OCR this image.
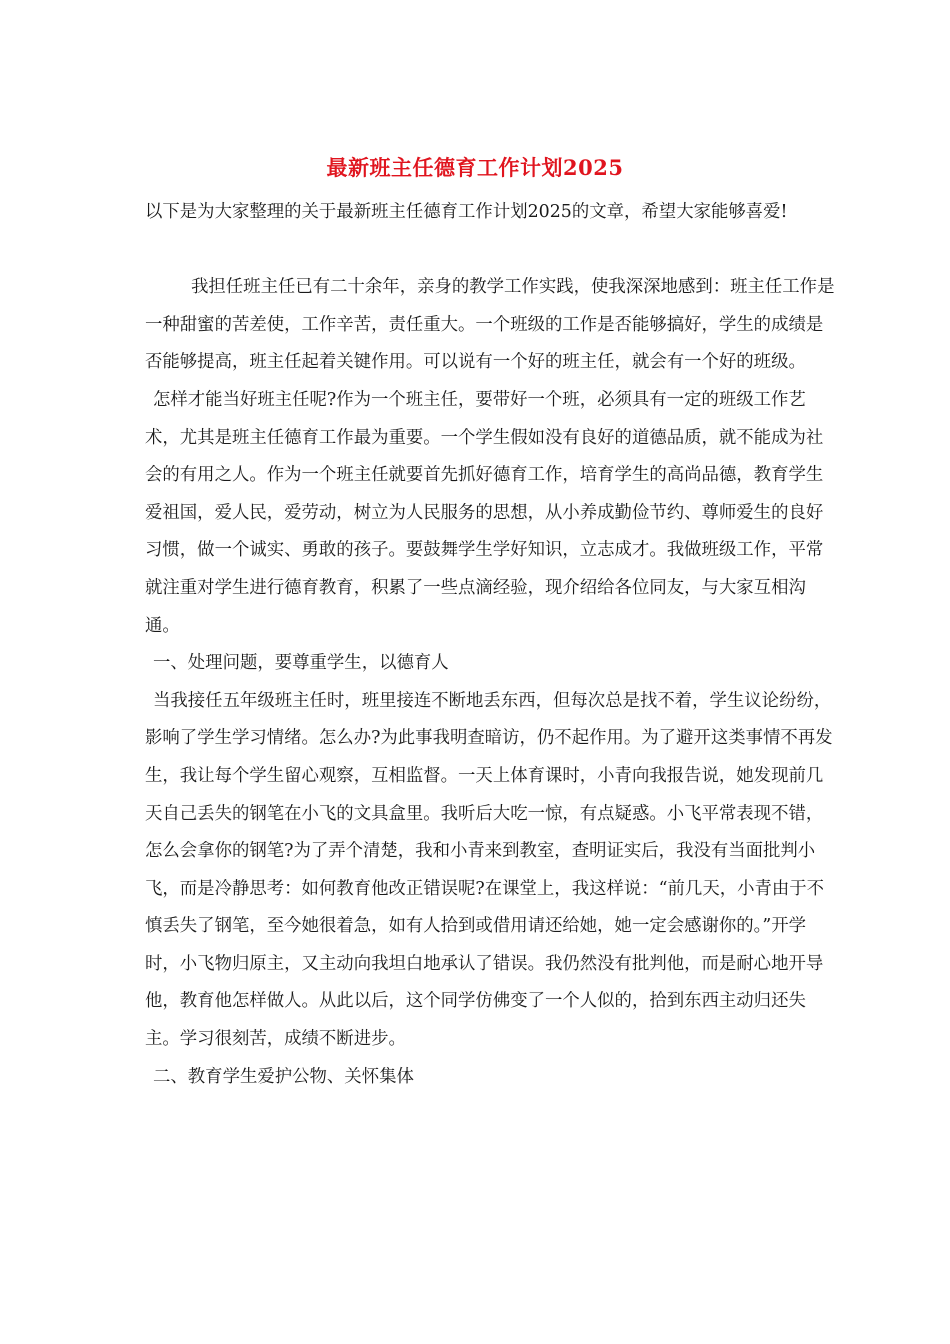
最新班主任德育工作计划2025

以下是为大家整理的关于最新班主任德育工作计划2025的文章，希望大家能够喜爱!

我担任班主任已有二十余年，亲身的教学工作实践，使我深深地感到：班主任工作是一种甜蜜的苦差使，工作辛苦，责任重大。一个班级的工作是否能够搞好，学生的成绩是否能够提高，班主任起着关键作用。可以说有一个好的班主任，就会有一个好的班级。

怎样才能当好班主任呢?作为一个班主任，要带好一个班，必须具有一定的班级工作艺术，尤其是班主任德育工作最为重要。一个学生假如没有良好的道德品质，就不能成为社会的有用之人。作为一个班主任就要首先抓好德育工作，培育学生的高尚品德，教育学生爱祖国，爱人民，爱劳动，树立为人民服务的思想，从小养成勤俭节约、尊师爱生的良好习惯，做一个诚实、勇敢的孩子。要鼓舞学生学好知识，立志成才。我做班级工作，平常就注重对学生进行德育教育，积累了一些点滴经验，现介绍给各位同友，与大家互相沟通。

一、处理问题，要尊重学生，以德育人

当我接任五年级班主任时，班里接连不断地丢东西，但每次总是找不着，学生议论纷纷，影响了学生学习情绪。怎么办?为此事我明查暗访，仍不起作用。为了避开这类事情不再发生，我让每个学生留心观察，互相监督。一天上体育课时，小青向我报告说，她发现前几天自己丢失的钢笔在小飞的文具盒里。我听后大吃一惊，有点疑惑。小飞平常表现不错，怎么会拿你的钢笔?为了弄个清楚，我和小青来到教室，查明证实后，我没有当面批判小飞，而是冷静思考：如何教育他改正错误呢?在课堂上，我这样说：“前几天，小青由于不慎丢失了钢笔，至今她很着急，如有人拾到或借用请还给她，她一定会感谢你的。”开学时，小飞物归原主，又主动向我坦白地承认了错误。我仍然没有批判他，而是耐心地开导他，教育他怎样做人。从此以后，这个同学仿佛变了一个人似的，拾到东西主动归还失主。学习很刻苦，成绩不断进步。

二、教育学生爱护公物、关怀集体
